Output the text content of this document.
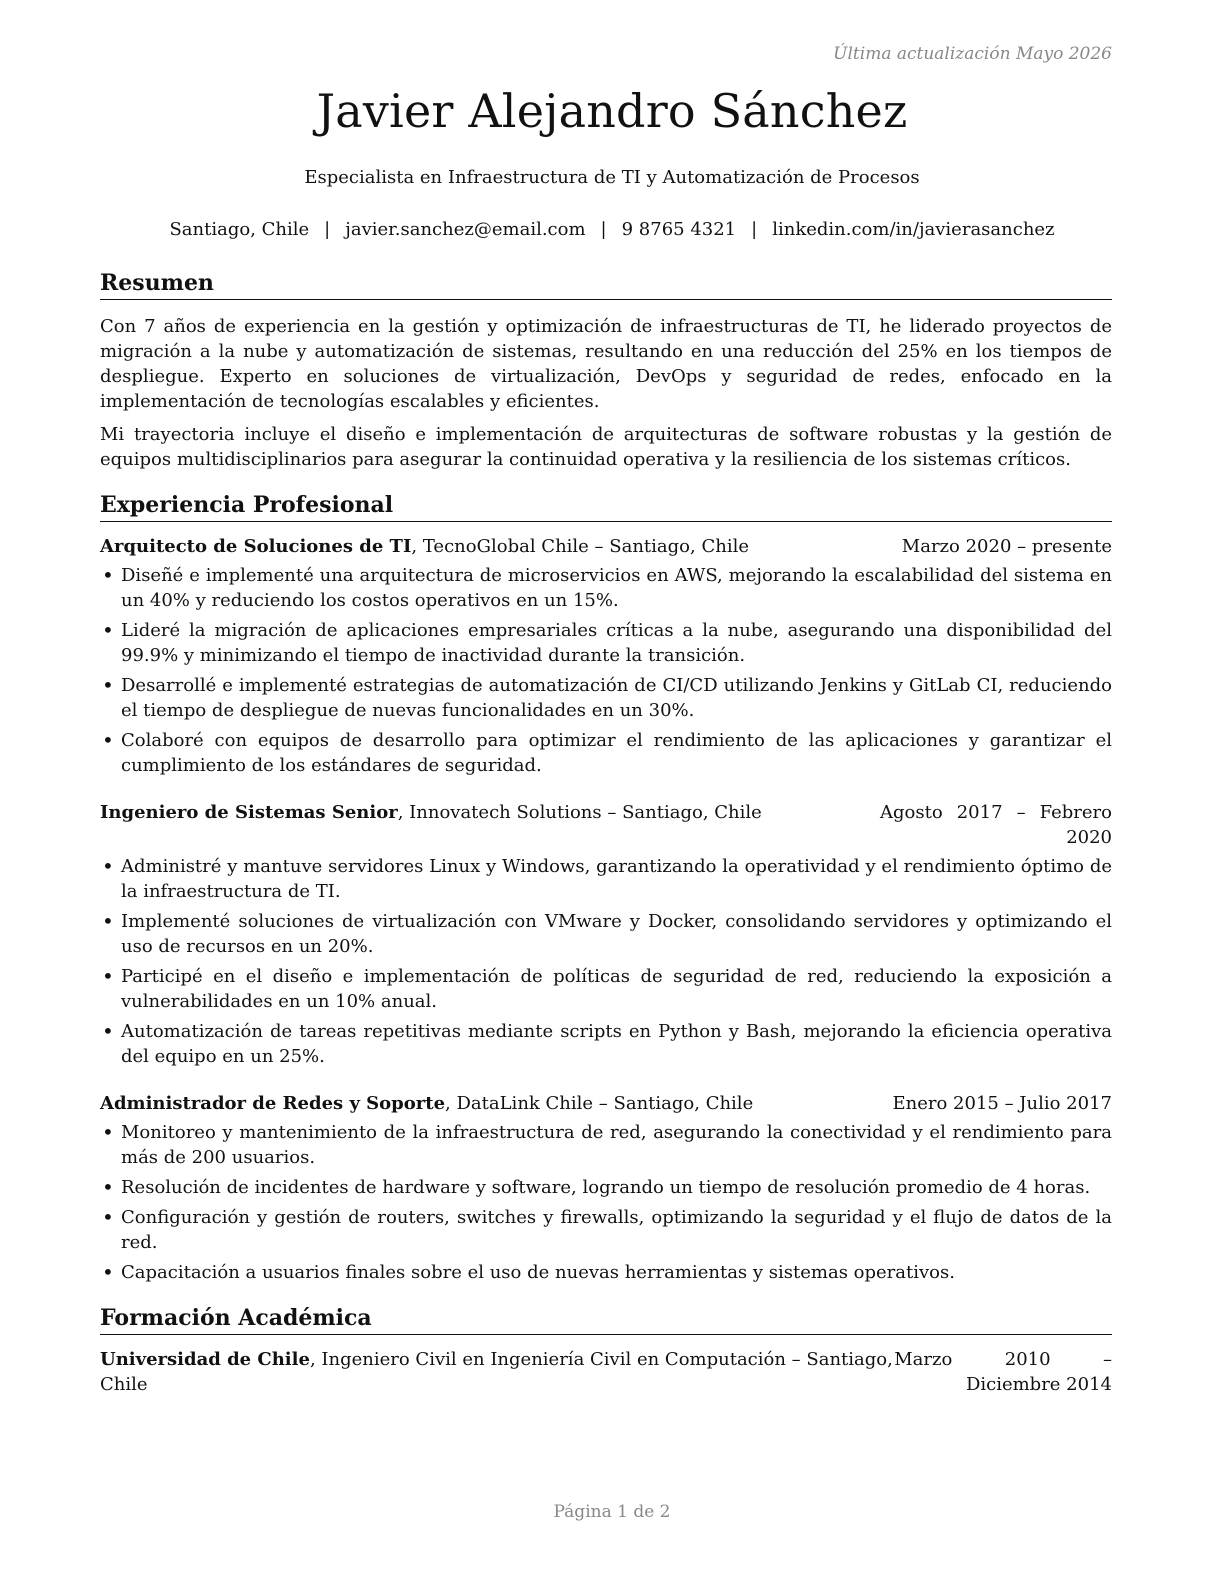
Última actualización Mayo 2026
Javier Alejandro Sánchez
Especialista en Infraestructura de TI y Automatización de Procesos
Santiago, Chile | javier.sanchez@email.com | 9 8765 4321 | linkedin.com/in/javierasanchez
Resumen

Con 7 años de experiencia en la gestión y optimización de infraestructuras de TI, he liderado proyectos de migración a la nube y automatización de sistemas, resultando en una reducción del 25% en los tiempos de despliegue. Experto en soluciones de virtualización, DevOps y seguridad de redes, enfocado en la implementación de tecnologías escalables y eficientes.

Mi trayectoria incluye el diseño e implementación de arquitecturas de software robustas y la gestión de equipos multidisciplinarios para asegurar la continuidad operativa y la resiliencia de los sistemas críticos.

Experiencia Profesional
Arquitecto de Soluciones de TI, TecnoGlobal Chile – Santiago, Chile	Marzo 2020 – presente
• Diseñé e implementé una arquitectura de microservicios en AWS, mejorando la escalabilidad del sistema en un 40% y reduciendo los costos operativos en un 15%.
• Lideré la migración de aplicaciones empresariales críticas a la nube, asegurando una disponibilidad del 99.9% y minimizando el tiempo de inactividad durante la transición.
• Desarrollé e implementé estrategias de automatización de CI/CD utilizando Jenkins y GitLab CI, reduciendo el tiempo de despliegue de nuevas funcionalidades en un 30%.
• Colaboré con equipos de desarrollo para optimizar el rendimiento de las aplicaciones y garantizar el cumplimiento de los estándares de seguridad.
Ingeniero de Sistemas Senior, Innovatech Solutions – Santiago, Chile	Agosto 2017 – Febrero 2020
• Administré y mantuve servidores Linux y Windows, garantizando la operatividad y el rendimiento óptimo de la infraestructura de TI.
• Implementé soluciones de virtualización con VMware y Docker, consolidando servidores y optimizando el uso de recursos en un 20%.
• Participé en el diseño e implementación de políticas de seguridad de red, reduciendo la exposición a vulnerabilidades en un 10% anual.
• Automatización de tareas repetitivas mediante scripts en Python y Bash, mejorando la eficiencia operativa del equipo en un 25%.
Administrador de Redes y Soporte, DataLink Chile – Santiago, Chile	Enero 2015 – Julio 2017
• Monitoreo y mantenimiento de la infraestructura de red, asegurando la conectividad y el rendimiento para más de 200 usuarios.
• Resolución de incidentes de hardware y software, logrando un tiempo de resolución promedio de 4 horas.
• Configuración y gestión de routers, switches y firewalls, optimizando la seguridad y el flujo de datos de la red.
• Capacitación a usuarios finales sobre el uso de nuevas herramientas y sistemas operativos.
Formación Académica
Universidad de Chile, Ingeniero Civil en Ingeniería Civil en Computación – Santiago, Chile
Marzo 2010 – Diciembre 2014
Página 1 de 2
